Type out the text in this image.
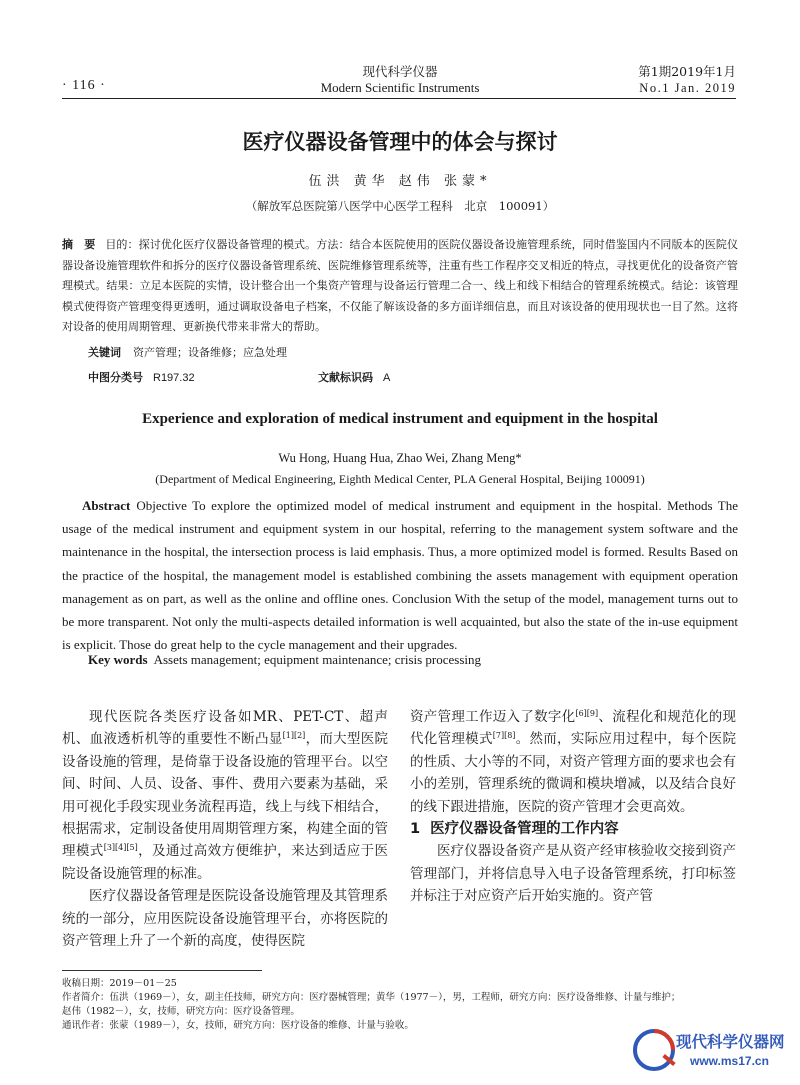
· 116 ·
现代科学仪器
Modern Scientific Instruments
第1期2019年1月
No.1 Jan. 2019
医疗仪器设备管理中的体会与探讨
伍洪 黄华 赵伟 张蒙*
（解放军总医院第八医学中心医学工程科　北京　100091）
摘　要 目的：探讨优化医疗仪器设备管理的模式。方法：结合本医院使用的医院仪器设备设施管理系统，同时借鉴国内不同版本的医院仪器设备设施管理软件和拆分的医疗仪器设备管理系统、医院维修管理系统等，注重有些工作程序交叉相近的特点，寻找更优化的设备资产管理模式。结果：立足本医院的实情，设计整合出一个集资产管理与设备运行管理二合一、线上和线下相结合的管理系统模式。结论：该管理模式使得资产管理变得更透明，通过调取设备电子档案，不仅能了解该设备的多方面详细信息，而且对该设备的使用现状也一目了然。这将对设备的使用周期管理、更新换代带来非常大的帮助。
关键词 资产管理；设备维修；应急处理
中图分类号 R197.32	文献标识码 A
Experience and exploration of medical instrument and equipment in the hospital
Wu Hong, Huang Hua, Zhao Wei, Zhang Meng*
(Department of Medical Engineering, Eighth Medical Center, PLA General Hospital, Beijing 100091)
Abstract Objective To explore the optimized model of medical instrument and equipment in the hospital. Methods The usage of the medical instrument and equipment system in our hospital, referring to the management system software and the maintenance in the hospital, the intersection process is laid emphasis. Thus, a more optimized model is formed. Results Based on the practice of the hospital, the management model is established combining the assets management with equipment operation management as on part, as well as the online and offline ones. Conclusion With the setup of the model, management turns out to be more transparent. Not only the multi-aspects detailed information is well acquainted, but also the state of the in-use equipment is explicit. Those do great help to the cycle management and their upgrades.
Key words Assets management; equipment maintenance; crisis processing

现代医院各类医疗设备如MR、PET-CT、超声机、血液透析机等的重要性不断凸显[1][2]，而大型医院设备设施的管理，是倚靠于设备设施的管理平台。以空间、时间、人员、设备、事件、费用六要素为基础，采用可视化手段实现业务流程再造，线上与线下相结合，根据需求，定制设备使用周期管理方案，构建全面的管理模式[3][4][5]，及通过高效方便维护，来达到适应于医院设备设施管理的标准。

医疗仪器设备管理是医院设备设施管理及其管理系统的一部分，应用医院设备设施管理平台，亦将医院的资产管理上升了一个新的高度，使得医院

资产管理工作迈入了数字化[6][9]、流程化和规范化的现代化管理模式[7][8]。然而，实际应用过程中，每个医院的性质、大小等的不同，对资产管理方面的要求也会有小的差别，管理系统的微调和模块增减，以及结合良好的线下跟进措施，医院的资产管理才会更高效。

1 医疗仪器设备管理的工作内容

医疗仪器设备资产是从资产经审核验收交接到资产管理部门，并将信息导入电子设备管理系统，打印标签并标注于对应资产后开始实施的。资产管

收稿日期：2019－01－25
作者简介：伍洪（1969－），女，副主任技师，研究方向：医疗器械管理；黄华（1977－），男，工程师，研究方向：医疗设备维修、计量与维护；
赵伟（1982－），女，技师，研究方向：医疗设备管理。
通讯作者：张蒙（1989－），女，技师，研究方向：医疗设备的维修、计量与验收。
现代科学仪器网
www.ms17.cn
